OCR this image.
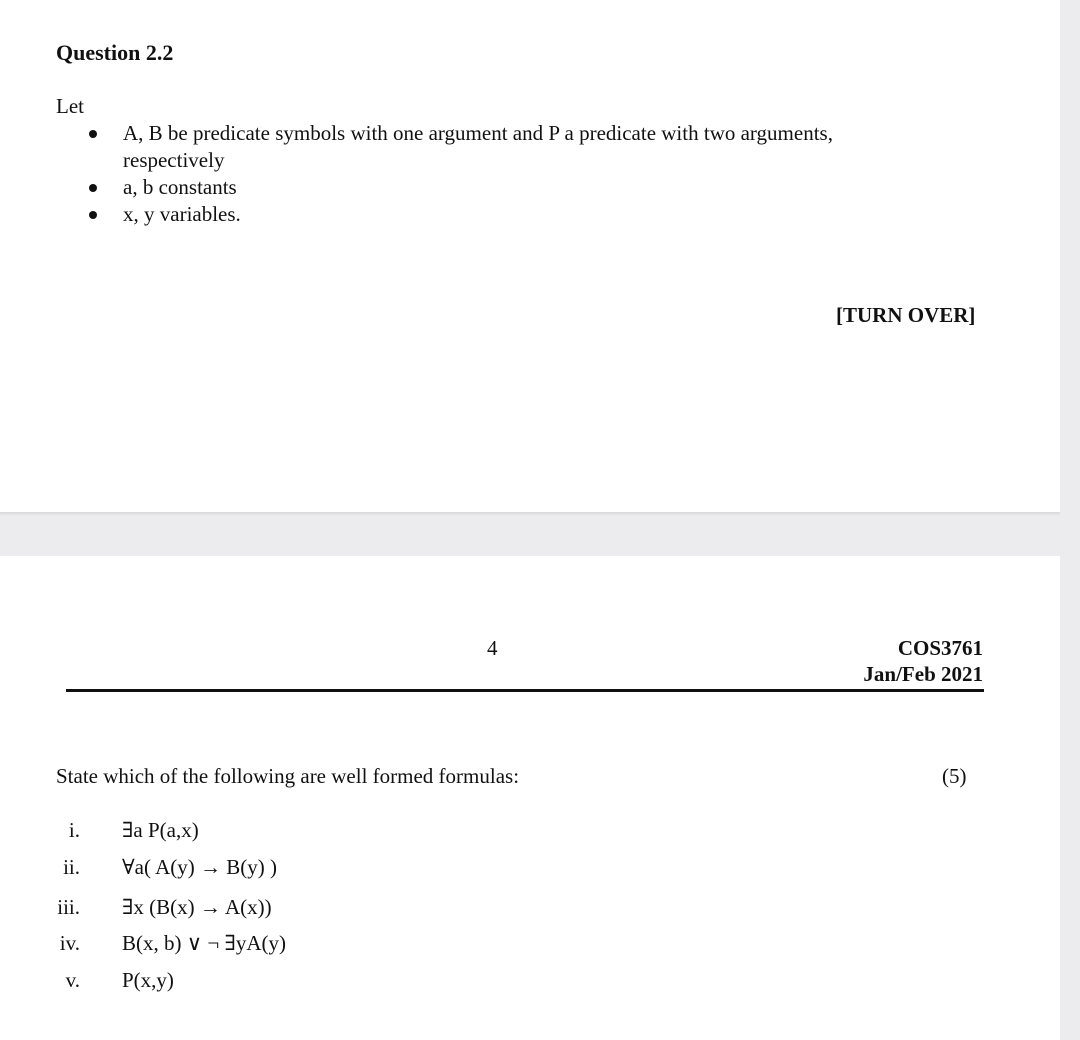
Question 2.2
Let
A, B be predicate symbols with one argument and P a predicate with two arguments,
respectively
a, b constants
x, y variables.
[TURN OVER]
4	COS3761
Jan/Feb 2021
State which of the following are well formed formulas:	(5)
i. ∃a P(a,x)
ii. ∀a( A(y) → B(y) )
iii. ∃x (B(x) → A(x))
iv. B(x, b) ∨ ¬ ∃yA(y)
v. P(x,y)
